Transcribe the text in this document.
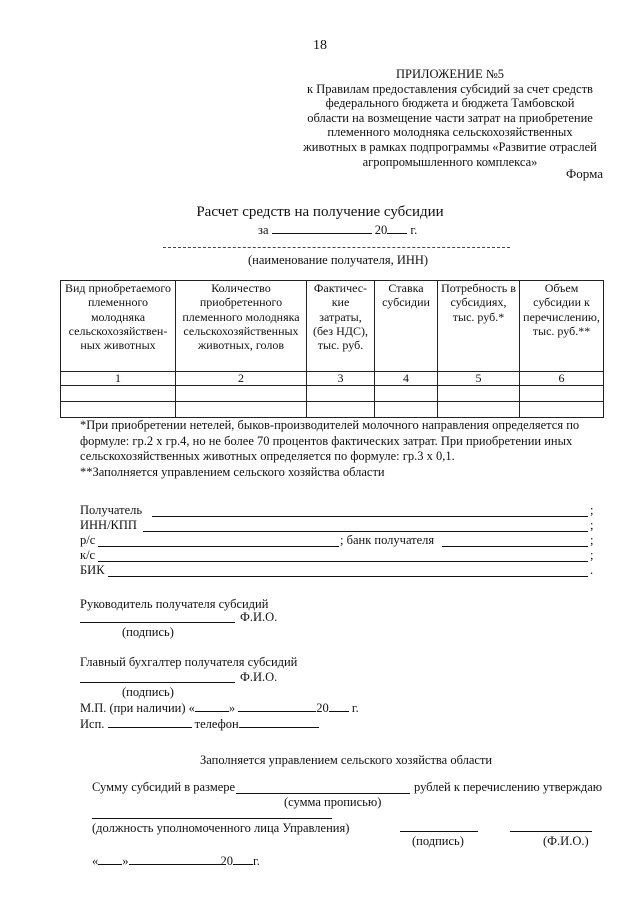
18
ПРИЛОЖЕНИЕ №5
к Правилам предоставления субсидий за счет средств
федерального бюджета и бюджета Тамбовской
области на возмещение части затрат на приобретение
племенного молодняка сельскохозяйственных
животных в рамках подпрограммы «Развитие отраслей
агропромышленного комплекса»
Форма
Расчет средств на получение субсидии
за	20 г.
(наименование получателя, ИНН)
Вид приобретаемого племенного молодняка сельскохозяйствен-ных животных	Количество приобретенного племенного молодняка сельскохозяйственных животных, голов	Фактичес-кие затраты, (без НДС), тыс. руб.	Ставка субсидии	Потребность в субсидиях, тыс. руб.*	Объем субсидии к перечислению, тыс. руб.**
1	2	3	4	5	6

*При приобретении нетелей, быков-производителей молочного направления определяется по
формуле: гр.2 х гр.4, но не более 70 процентов фактических затрат. При приобретении иных
сельскохозяйственных животных определяется по формуле: гр.3 х 0,1.
**Заполняется управлением сельского хозяйства области
Получатель	;
ИНН/КПП	;
р/с	; банк получателя	;
к/с	;
БИК	.
Руководитель получателя субсидий
Ф.И.О.
(подпись)
Главный бухгалтер получателя субсидий
Ф.И.О.
(подпись)
М.П. (при наличии) «	»	20 г.
Исп.	телефон
Заполняется управлением сельского хозяйства области
Сумму субсидий в размере	рублей к перечислению утверждаю
(сумма прописью)
(должность уполномоченного лица Управления)
(подпись)	(Ф.И.О.)
« »	20 г.
